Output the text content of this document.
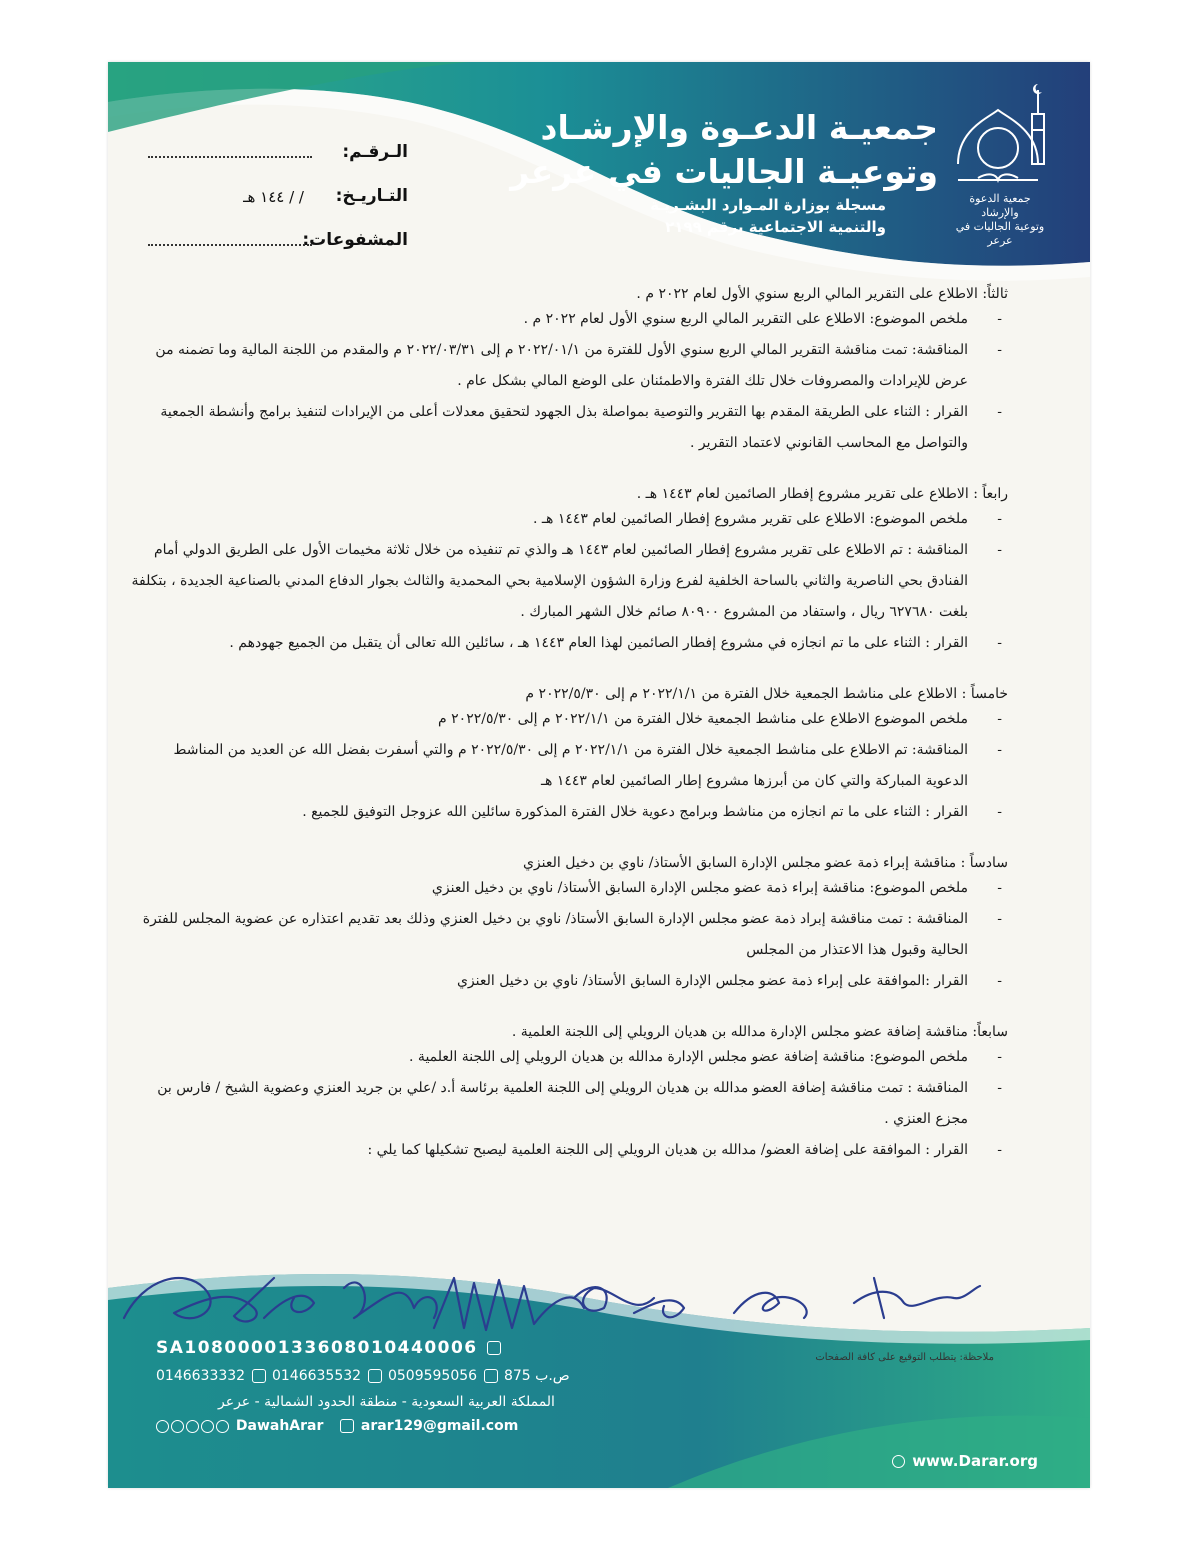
جمعية الدعوة والإرشاد
وتوعية الجاليات في عرعر
جمعيـة الدعـوة والإرشـاد
وتوعيـة الجاليات في عرعر
مسجلة بوزارة المـوارد البشـريـة
والتنمية الاجتماعية برقم ٢١٩٩
الـرقـم:
التـاريـخ:
/ / ١٤٤ هـ
المشفوعات:

ثالثاً: الاطلاع على التقرير المالي الربع سنوي الأول لعام ٢٠٢٢ م .

- ملخص الموضوع: الاطلاع على التقرير المالي الربع سنوي الأول لعام ٢٠٢٢ م .
- المناقشة: تمت مناقشة التقرير المالي الربع سنوي الأول للفترة من ٢٠٢٢/٠١/١ م إلى ٢٠٢٢/٠٣/٣١ م والمقدم من اللجنة المالية وما تضمنه من عرض للإيرادات والمصروفات خلال تلك الفترة والاطمئنان على الوضع المالي بشكل عام .
- القرار : الثناء على الطريقة المقدم بها التقرير والتوصية بمواصلة بذل الجهود لتحقيق معدلات أعلى من الإيرادات لتنفيذ برامج وأنشطة الجمعية والتواصل مع المحاسب القانوني لاعتماد التقرير .

رابعاً : الاطلاع على تقرير مشروع إفطار الصائمين لعام ١٤٤٣ هـ .

- ملخص الموضوع: الاطلاع على تقرير مشروع إفطار الصائمين لعام ١٤٤٣ هـ .
- المناقشة : تم الاطلاع على تقرير مشروع إفطار الصائمين لعام ١٤٤٣ هـ والذي تم تنفيذه من خلال ثلاثة مخيمات الأول على الطريق الدولي أمام الفنادق بحي الناصرية والثاني بالساحة الخلفية لفرع وزارة الشؤون الإسلامية بحي المحمدية والثالث بجوار الدفاع المدني بالصناعية الجديدة ، بتكلفة بلغت ٦٢٧٦٨٠ ريال ، واستفاد من المشروع ٨٠٩٠٠ صائم خلال الشهر المبارك .
- القرار : الثناء على ما تم انجازه في مشروع إفطار الصائمين لهذا العام ١٤٤٣ هـ ، سائلين الله تعالى أن يتقبل من الجميع جهودهم .

خامساً : الاطلاع على مناشط الجمعية خلال الفترة من ٢٠٢٢/١/١ م إلى ٢٠٢٢/٥/٣٠ م

- ملخص الموضوع الاطلاع على مناشط الجمعية خلال الفترة من ٢٠٢٢/١/١ م إلى ٢٠٢٢/٥/٣٠ م
- المناقشة: تم الاطلاع على مناشط الجمعية خلال الفترة من ٢٠٢٢/١/١ م إلى ٢٠٢٢/٥/٣٠ م والتي أسفرت بفضل الله عن العديد من المناشط الدعوية المباركة والتي كان من أبرزها مشروع إطار الصائمين لعام ١٤٤٣ هـ
- القرار : الثناء على ما تم انجازه من مناشط وبرامج دعوية خلال الفترة المذكورة سائلين الله عزوجل التوفيق للجميع .

سادساً : مناقشة إبراء ذمة عضو مجلس الإدارة السابق الأستاذ/ ناوي بن دخيل العنزي

- ملخص الموضوع: مناقشة إبراء ذمة عضو مجلس الإدارة السابق الأستاذ/ ناوي بن دخيل العنزي
- المناقشة : تمت مناقشة إبراد ذمة عضو مجلس الإدارة السابق الأستاذ/ ناوي بن دخيل العنزي وذلك بعد تقديم اعتذاره عن عضوية المجلس للفترة الحالية وقبول هذا الاعتذار من المجلس
- القرار :الموافقة على إبراء ذمة عضو مجلس الإدارة السابق الأستاذ/ ناوي بن دخيل العنزي

سابعاً: مناقشة إضافة عضو مجلس الإدارة مدالله بن هديان الرويلي إلى اللجنة العلمية .

- ملخص الموضوع: مناقشة إضافة عضو مجلس الإدارة مدالله بن هديان الرويلي إلى اللجنة العلمية .
- المناقشة : تمت مناقشة إضافة العضو مدالله بن هديان الرويلي إلى اللجنة العلمية برئاسة أ.د /علي بن جريد العنزي وعضوية الشيخ / فارس بن مجزع العنزي .
- القرار : الموافقة على إضافة العضو/ مدالله بن هديان الرويلي إلى اللجنة العلمية ليصبح تشكيلها كما يلي :
ملاحظة: يتطلب التوقيع على كافة الصفحات
SA1080000133608010440006
ص.ب 875  0509595056  0146635532  0146633332
المملكة العربية السعودية - منطقة الحدود الشمالية - عرعر
DawahArar	arar129@gmail.com
www.Darar.org
